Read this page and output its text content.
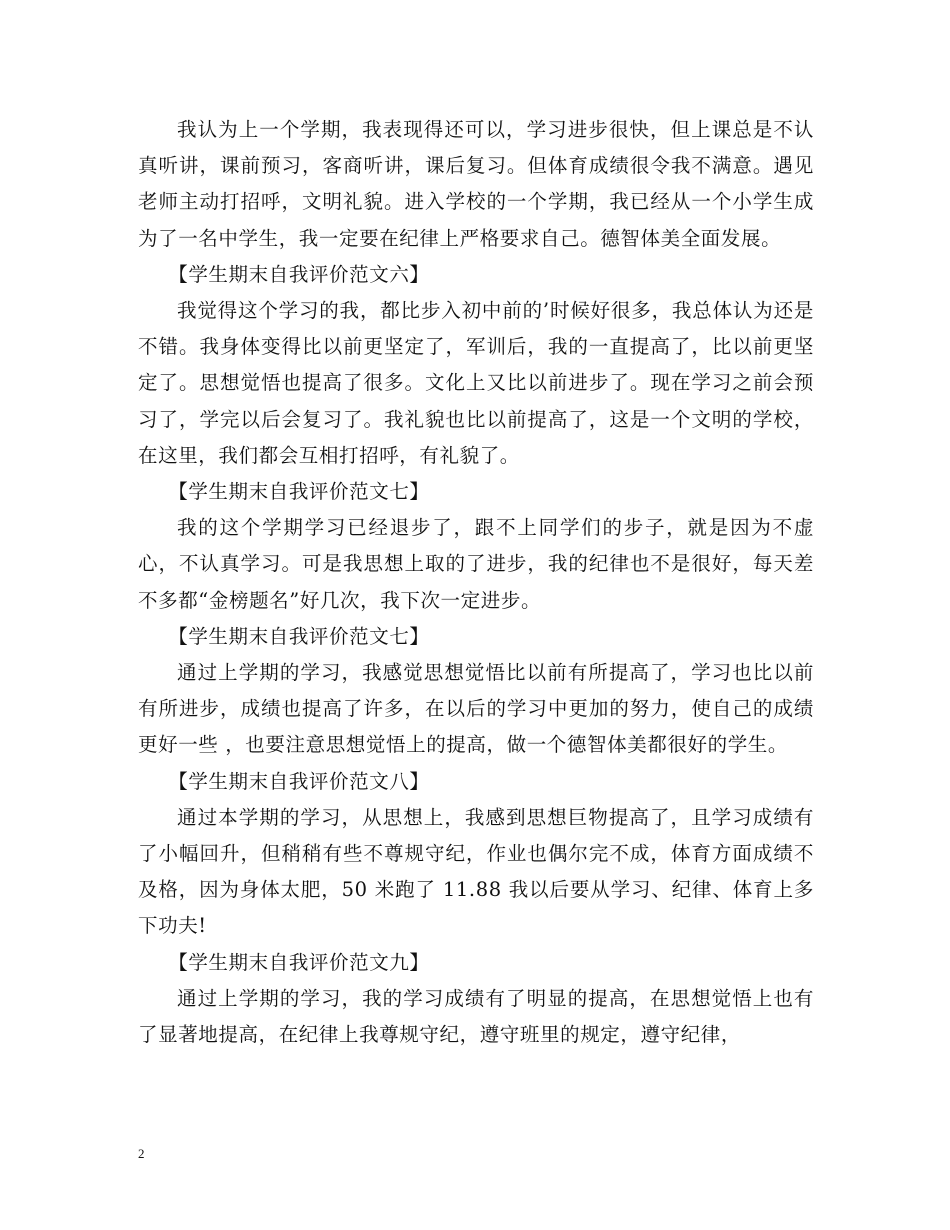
我认为上一个学期，我表现得还可以，学习进步很快，但上课总是不认真听讲，课前预习，客商听讲，课后复习。但体育成绩很令我不满意。遇见老师主动打招呼，文明礼貌。进入学校的一个学期，我已经从一个小学生成为了一名中学生，我一定要在纪律上严格要求自己。德智体美全面发展。

【学生期末自我评价范文六】

我觉得这个学习的我，都比步入初中前的’时候好很多，我总体认为还是不错。我身体变得比以前更坚定了，军训后，我的一直提高了，比以前更坚定了。思想觉悟也提高了很多。文化上又比以前进步了。现在学习之前会预习了，学完以后会复习了。我礼貌也比以前提高了，这是一个文明的学校，在这里，我们都会互相打招呼，有礼貌了。

【学生期末自我评价范文七】

我的这个学期学习已经退步了，跟不上同学们的步子，就是因为不虚心，不认真学习。可是我思想上取的了进步，我的纪律也不是很好，每天差不多都“金榜题名”好几次，我下次一定进步。

【学生期末自我评价范文七】

通过上学期的学习，我感觉思想觉悟比以前有所提高了，学习也比以前有所进步，成绩也提高了许多，在以后的学习中更加的努力，使自己的成绩更好一些 ，也要注意思想觉悟上的提高，做一个德智体美都很好的学生。

【学生期末自我评价范文八】

通过本学期的学习，从思想上，我感到思想巨物提高了，且学习成绩有了小幅回升，但稍稍有些不尊规守纪，作业也偶尔完不成，体育方面成绩不及格，因为身体太肥，50 米跑了 11.88 我以后要从学习、纪律、体育上多下功夫!

【学生期末自我评价范文九】

通过上学期的学习，我的学习成绩有了明显的提高，在思想觉悟上也有了显著地提高，在纪律上我尊规守纪，遵守班里的规定，遵守纪律，

2
